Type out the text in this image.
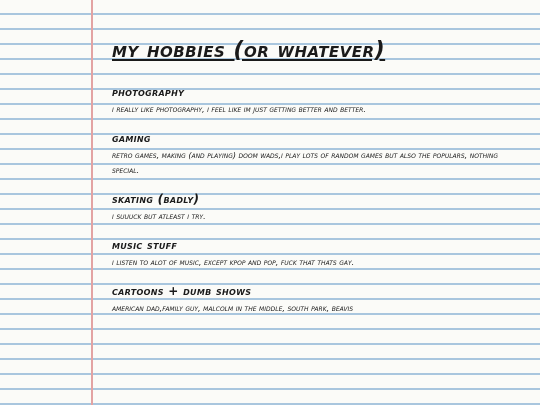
my hobbies (or whatever)
photography

i really like photography, i feel like im just getting better and better.

gaming

retro games, making (and playing) doom wads,i play lots of random games but also the populars, nothing special.

skating (badly)

i suuuck but atleast i try.

music stuff

i listen to alot of music, except kpop and pop, fuck that thats gay.

cartoons + dumb shows

american dad,family guy, malcolm in the middle, south park, beavis
